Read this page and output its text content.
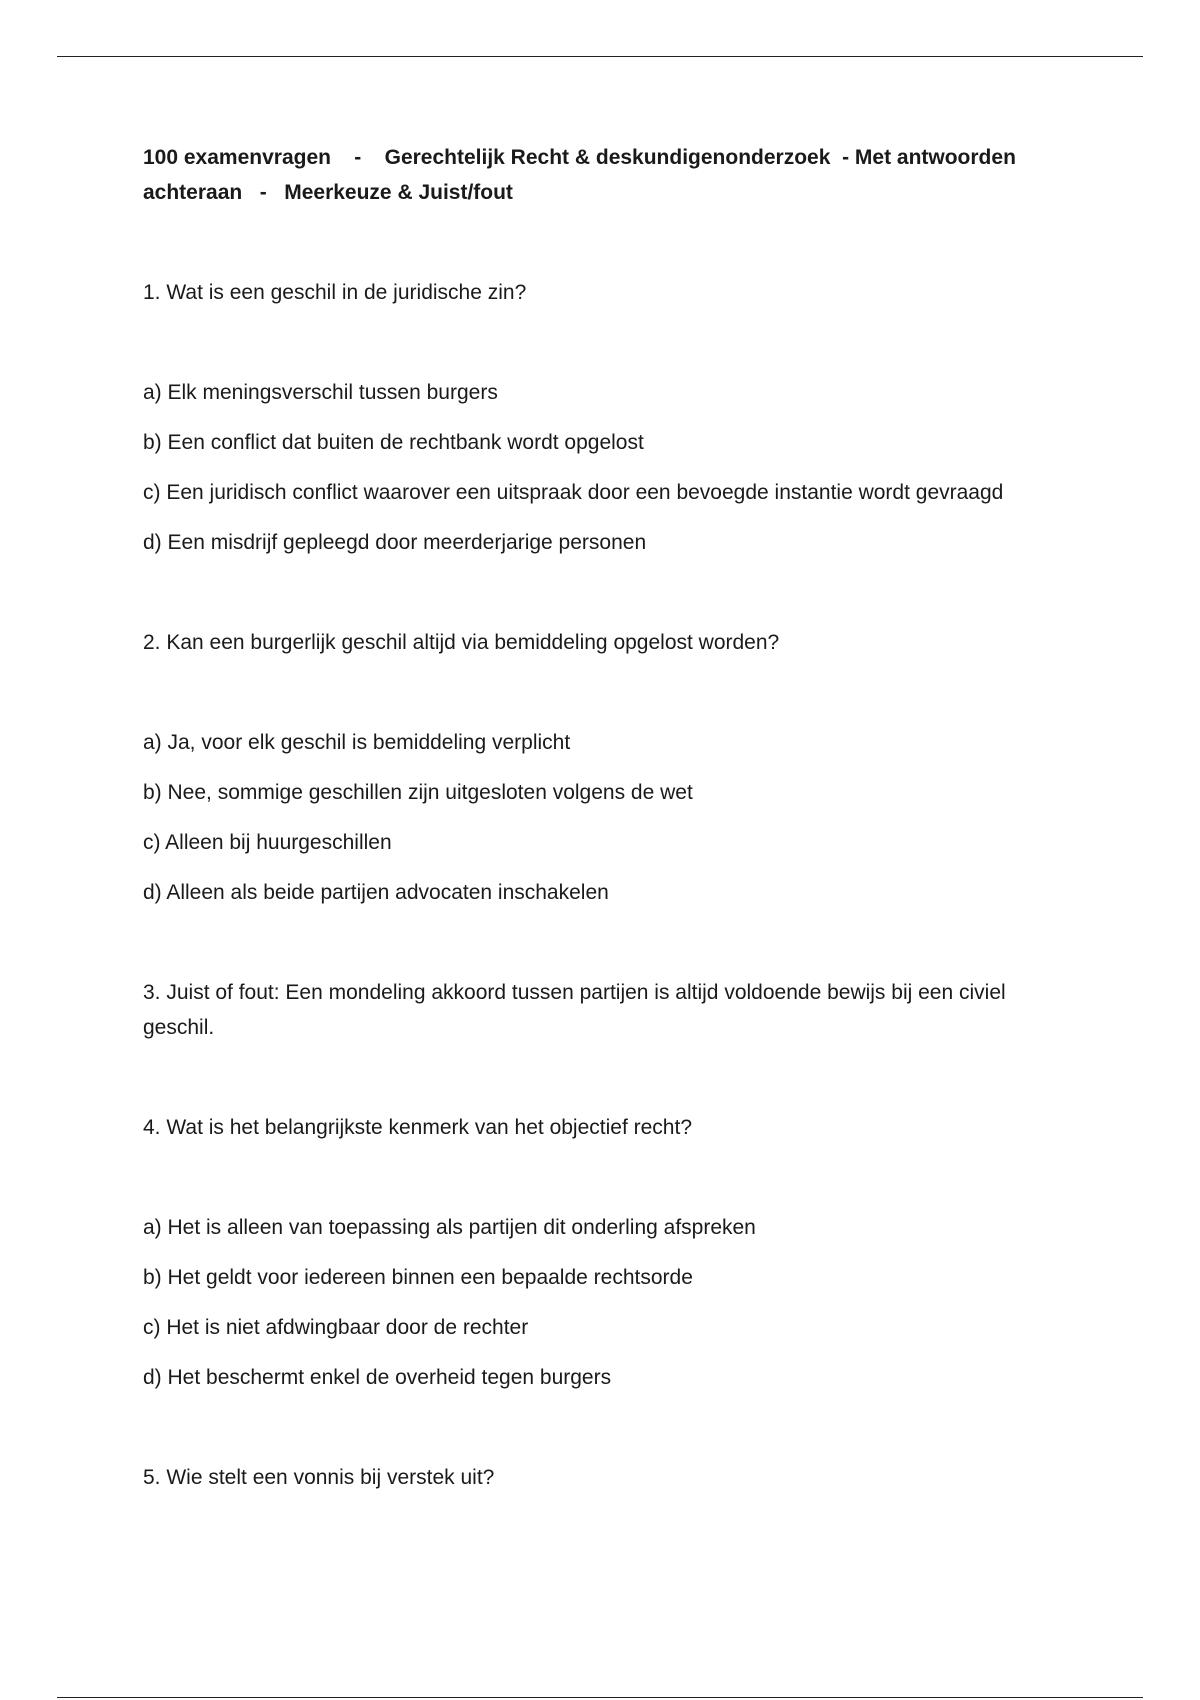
100 examenvragen    -    Gerechtelijk Recht & deskundigenonderzoek  - Met antwoorden achteraan   -   Meerkeuze & Juist/fout

1. Wat is een geschil in de juridische zin?

a) Elk meningsverschil tussen burgers

b) Een conflict dat buiten de rechtbank wordt opgelost

c) Een juridisch conflict waarover een uitspraak door een bevoegde instantie wordt gevraagd

d) Een misdrijf gepleegd door meerderjarige personen

2. Kan een burgerlijk geschil altijd via bemiddeling opgelost worden?

a) Ja, voor elk geschil is bemiddeling verplicht

b) Nee, sommige geschillen zijn uitgesloten volgens de wet

c) Alleen bij huurgeschillen

d) Alleen als beide partijen advocaten inschakelen

3. Juist of fout: Een mondeling akkoord tussen partijen is altijd voldoende bewijs bij een civiel geschil.

4. Wat is het belangrijkste kenmerk van het objectief recht?

a) Het is alleen van toepassing als partijen dit onderling afspreken

b) Het geldt voor iedereen binnen een bepaalde rechtsorde

c) Het is niet afdwingbaar door de rechter

d) Het beschermt enkel de overheid tegen burgers

5. Wie stelt een vonnis bij verstek uit?
